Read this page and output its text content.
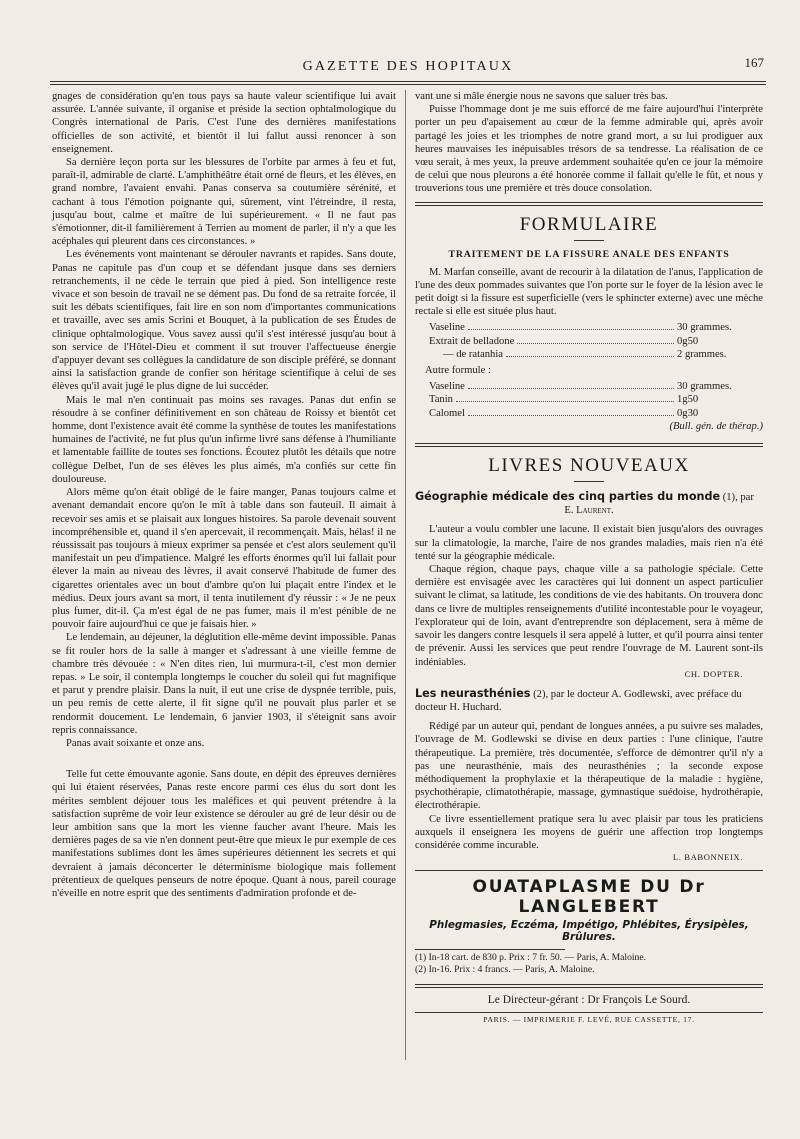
GAZETTE DES HOPITAUX	167

gnages de considération qu'en tous pays sa haute valeur scientifique lui avait assurée. L'année suivante, il organise et préside la section ophtalmologique du Congrès international de Paris. C'est l'une des dernières manifestations officielles de son activité, et bientôt il lui fallut aussi renoncer à son enseignement.

Sa dernière leçon porta sur les blessures de l'orbite par armes à feu et fut, paraît-il, admirable de clarté. L'amphithéâtre était orné de fleurs, et les élèves, en grand nombre, l'avaient envahi. Panas conserva sa coutumière sérénité, et cachant à tous l'émotion poignante qui, sûrement, vint l'étreindre, il resta, jusqu'au bout, calme et maître de lui supérieurement. « Il ne faut pas s'émotionner, dit-il familièrement à Terrien au moment de parler, il n'y a que les acéphales qui pleurent dans ces circonstances. »

Les événements vont maintenant se dérouler navrants et rapides. Sans doute, Panas ne capitule pas d'un coup et se défendant jusque dans ses derniers retranchements, il ne cède le terrain que pied à pied. Son intelligence reste vivace et son besoin de travail ne se dément pas. Du fond de sa retraite forcée, il suit les débats scientifiques, fait lire en son nom d'importantes communications et travaille, avec ses amis Scrini et Bouquet, à la publication de ses Études de clinique ophtalmologique. Vous savez aussi qu'il s'est intéressé jusqu'au bout à son service de l'Hôtel-Dieu et comment il sut trouver l'affectueuse énergie d'appuyer devant ses collègues la candidature de son disciple préféré, se donnant ainsi la satisfaction grande de confier son héritage scientifique à celui de ses élèves qu'il avait jugé le plus digne de lui succéder.

Mais le mal n'en continuait pas moins ses ravages. Panas dut enfin se résoudre à se confiner définitivement en son château de Roissy et bientôt cet homme, dont l'existence avait été comme la synthèse de toutes les manifestations humaines de l'activité, ne fut plus qu'un infirme livré sans défense à l'humiliante et lamentable faillite de toutes ses fonctions. Écoutez plutôt les détails que notre collègue Delbet, l'un de ses élèves les plus aimés, m'a confiés sur cette fin douloureuse.

Alors même qu'on était obligé de le faire manger, Panas toujours calme et avenant demandait encore qu'on le mît à table dans son fauteuil. Il aimait à recevoir ses amis et se plaisait aux longues histoires. Sa parole devenait souvent incompréhensible et, quand il s'en apercevait, il recommençait. Mais, hélas! il ne réussissait pas toujours à mieux exprimer sa pensée et c'est alors seulement qu'il manifestait un peu d'impatience. Malgré les efforts énormes qu'il lui fallait pour élever la main au niveau des lèvres, il avait conservé l'habitude de fumer des cigarettes orientales avec un bout d'ambre qu'on lui plaçait entre l'index et le médius. Deux jours avant sa mort, il tenta inutilement d'y réussir : « Je ne peux plus fumer, dit-il. Ça m'est égal de ne pas fumer, mais il m'est pénible de ne pouvoir faire aujourd'hui ce que je faisais hier. »

Le lendemain, au déjeuner, la déglutition elle-même devint impossible. Panas se fit rouler hors de la salle à manger et s'adressant à une vieille femme de chambre très dévouée : « N'en dites rien, lui murmura-t-il, c'est mon dernier repas. » Le soir, il contempla longtemps le coucher du soleil qui fut magnifique et parut y prendre plaisir. Dans la nuit, il eut une crise de dyspnée terrible, puis, un peu remis de cette alerte, il fit signe qu'il ne pouvait plus parler et se rendormit doucement. Le lendemain, 6 janvier 1903, il s'éteignit sans avoir repris connaissance.

Panas avait soixante et onze ans.

Telle fut cette émouvante agonie. Sans doute, en dépit des épreuves dernières qui lui étaient réservées, Panas reste encore parmi ces élus du sort dont les mérites semblent déjouer tous les maléfices et qui peuvent prétendre à la satisfaction suprême de voir leur existence se dérouler au gré de leur désir ou de leur ambition sans que la mort les vienne faucher avant l'heure. Mais les dernières pages de sa vie n'en donnent peut-être que mieux le pur exemple de ces manifestations sublimes dont les âmes supérieures détiennent les secrets et qui devraient à jamais déconcerter le déterminisme biologique mais follement prétentieux de quelques penseurs de notre époque. Quant à nous, pareil courage n'éveille en notre esprit que des sentiments d'admiration profonde et de-

vant une si mâle énergie nous ne savons que saluer très bas.

Puisse l'hommage dont je me suis efforcé de me faire aujourd'hui l'interprète porter un peu d'apaisement au cœur de la femme admirable qui, après avoir partagé les joies et les triomphes de notre grand mort, a su lui prodiguer aux heures mauvaises les inépuisables trésors de sa tendresse. La réalisation de ce vœu serait, à mes yeux, la preuve ardemment souhaitée qu'en ce jour la mémoire de celui que nous pleurons a été honorée comme il fallait qu'elle le fût, et nous y trouverions tous une première et très douce consolation.

FORMULAIRE
TRAITEMENT DE LA FISSURE ANALE DES ENFANTS

M. Marfan conseille, avant de recourir à la dilatation de l'anus, l'application de l'une des deux pommades suivantes que l'on porte sur le foyer de la lésion avec le petit doigt si la fissure est superficielle (vers le sphincter externe) avec une mèche rectale si elle est située plus haut.

Vaseline	30 grammes.
Extrait de belladone	0g50
— de ratanhia	2 grammes.
Autre formule :
Vaseline	30 grammes.
Tanin	1g50
Calomel	0g30
(Bull. gén. de thérap.)
LIVRES NOUVEAUX
Géographie médicale des cinq parties du monde (1), par
E. Laurent.

L'auteur a voulu combler une lacune. Il existait bien jusqu'alors des ouvrages sur la climatologie, la marche, l'aire de nos grandes maladies, mais rien n'a été tenté sur la géographie médicale.

Chaque région, chaque pays, chaque ville a sa pathologie spéciale. Cette dernière est envisagée avec les caractères qui lui donnent un aspect particulier suivant le climat, sa latitude, les conditions de vie des habitants. On trouvera donc dans ce livre de multiples renseignements d'utilité incontestable pour le voyageur, l'explorateur qui de loin, avant d'entreprendre son déplacement, sera à même de savoir les dangers contre lesquels il sera appelé à lutter, et qu'il pourra ainsi tenter de prévenir. Aussi les services que peut rendre l'ouvrage de M. Laurent sont-ils indéniables.

CH. DOPTER.
Les neurasthénies (2), par le docteur A. Godlewski, avec préface du docteur H. Huchard.

Rédigé par un auteur qui, pendant de longues années, a pu suivre ses malades, l'ouvrage de M. Godlewski se divise en deux parties : l'une clinique, l'autre thérapeutique. La première, très documentée, s'efforce de démontrer qu'il n'y a pas une neurasthénie, mais des neurasthénies ; la seconde expose méthodiquement la prophylaxie et la thérapeutique de la maladie : hygiène, psychothérapie, climatothérapie, massage, gymnastique suédoise, hydrothérapie, électrothérapie.

Ce livre essentiellement pratique sera lu avec plaisir par tous les praticiens auxquels il enseignera les moyens de guérir une affection trop longtemps considérée comme incurable.

L. BABONNEIX.
OUATAPLASME DU Dr LANGLEBERT
Phlegmasies, Eczéma, Impétigo, Phlébites, Érysipèles, Brûlures.

(1) In-18 cart. de 830 p. Prix : 7 fr. 50. — Paris, A. Maloine.

(2) In-16. Prix : 4 francs. — Paris, A. Maloine.

Le Directeur-gérant : Dr François Le Sourd.
PARIS. — IMPRIMERIE F. LEVÉ, RUE CASSETTE, 17.
